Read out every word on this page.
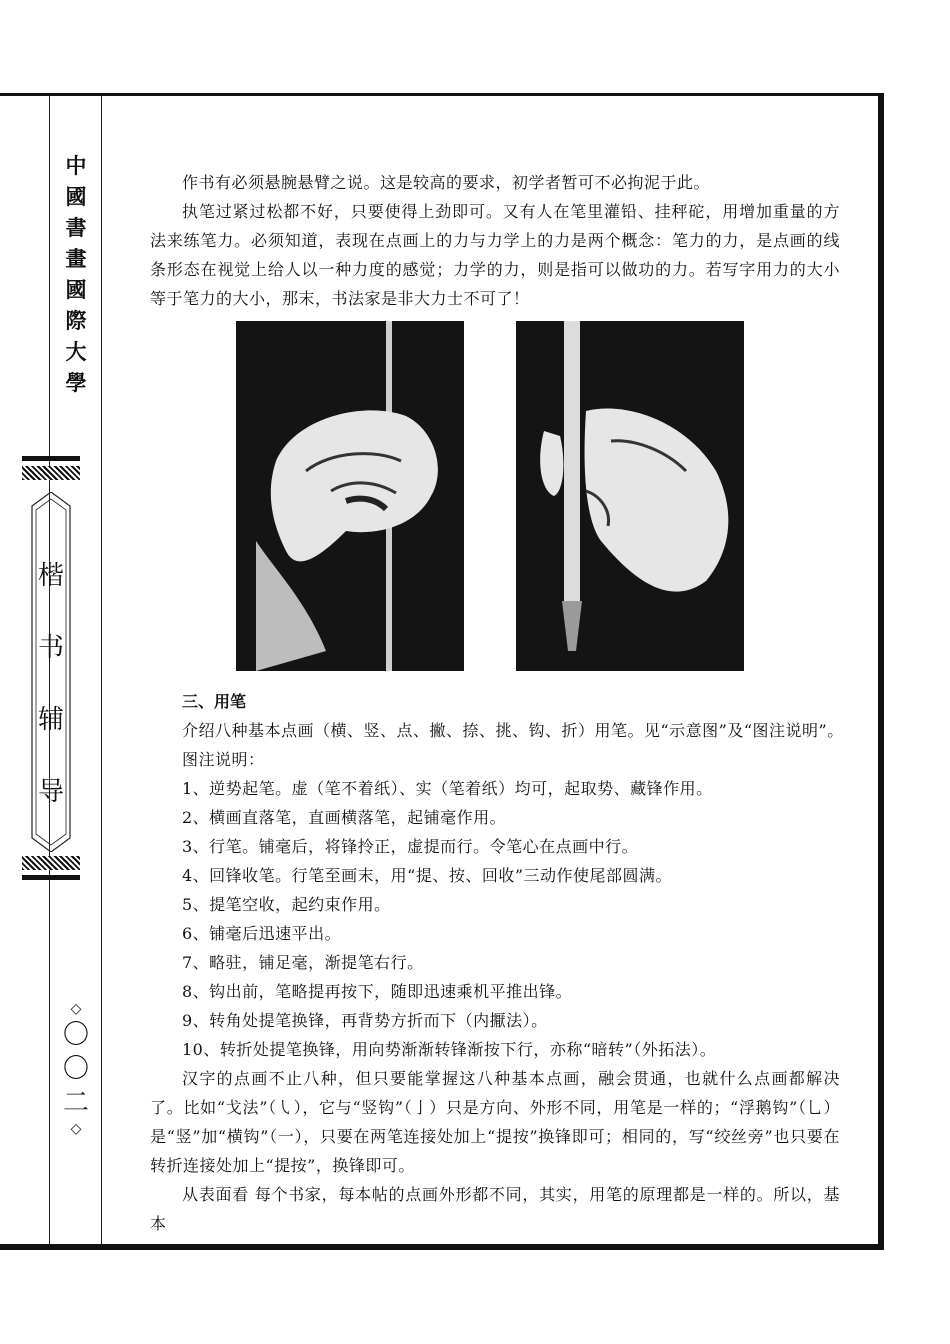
中
國
書
畫
國
際
大
學
楷
书
辅
导
◇
〇
〇
二
◇

作书有必须悬腕悬臂之说。这是较高的要求，初学者暂可不必拘泥于此。

执笔过紧过松都不好，只要使得上劲即可。又有人在笔里灌铅、挂秤砣，用增加重量的方法来练笔力。必须知道，表现在点画上的力与力学上的力是两个概念：笔力的力，是点画的线条形态在视觉上给人以一种力度的感觉；力学的力，则是指可以做功的力。若写字用力的大小等于笔力的大小，那末，书法家是非大力士不可了！

三、用笔

介绍八种基本点画（横、竖、点、撇、捺、挑、钩、折）用笔。见“示意图”及“图注说明”。

图注说明：

1、逆势起笔。虚（笔不着纸）、实（笔着纸）均可，起取势、藏锋作用。

2、横画直落笔，直画横落笔，起铺毫作用。

3、行笔。铺毫后，将锋拎正，虚提而行。令笔心在点画中行。

4、回锋收笔。行笔至画末，用“提、按、回收”三动作使尾部圆满。

5、提笔空收，起约束作用。

6、铺毫后迅速平出。

7、略驻，铺足毫，渐提笔右行。

8、钩出前，笔略提再按下，随即迅速乘机平推出锋。

9、转角处提笔换锋，再背势方折而下（内擫法）。

10、转折处提笔换锋，用向势渐渐转锋渐按下行，亦称“暗转”（外拓法）。

汉字的点画不止八种，但只要能掌握这八种基本点画，融会贯通，也就什么点画都解决了。比如“戈法”（㇂），它与“竖钩”（亅）只是方向、外形不同，用笔是一样的；“浮鹅钩”（乚）是“竖”加“横钩”（一），只要在两笔连接处加上“提按”换锋即可；相同的，写“绞丝旁”也只要在转折连接处加上“提按”，换锋即可。

从表面看 每个书家，每本帖的点画外形都不同，其实，用笔的原理都是一样的。所以，基本
